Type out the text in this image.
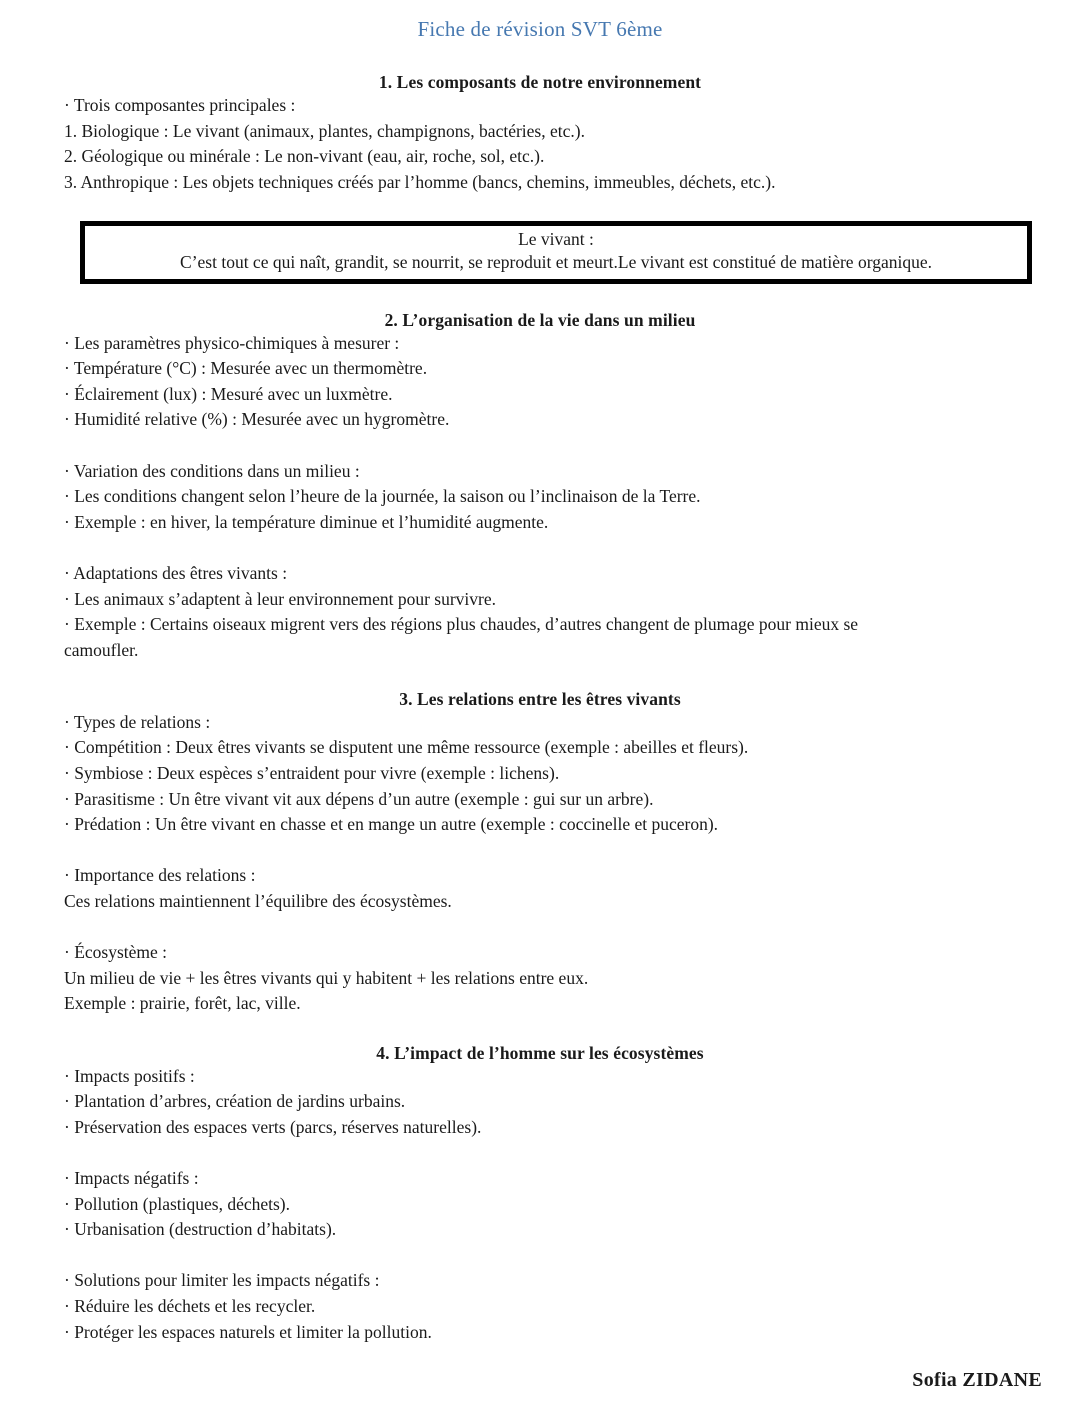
Fiche de révision SVT 6ème
1. Les composants de notre environnement
· Trois composantes principales :
1. Biologique : Le vivant (animaux, plantes, champignons, bactéries, etc.).
2. Géologique ou minérale : Le non-vivant (eau, air, roche, sol, etc.).
3. Anthropique : Les objets techniques créés par l’homme (bancs, chemins, immeubles, déchets, etc.).
Le vivant :
C’est tout ce qui naît, grandit, se nourrit, se reproduit et meurt.Le vivant est constitué de matière organique.
2. L’organisation de la vie dans un milieu
· Les paramètres physico-chimiques à mesurer :
· Température (°C) : Mesurée avec un thermomètre.
· Éclairement (lux) : Mesuré avec un luxmètre.
· Humidité relative (%) : Mesurée avec un hygromètre.
· Variation des conditions dans un milieu :
· Les conditions changent selon l’heure de la journée, la saison ou l’inclinaison de la Terre.
· Exemple : en hiver, la température diminue et l’humidité augmente.
· Adaptations des êtres vivants :
· Les animaux s’adaptent à leur environnement pour survivre.
· Exemple : Certains oiseaux migrent vers des régions plus chaudes, d’autres changent de plumage pour mieux se
camoufler.
3. Les relations entre les êtres vivants
· Types de relations :
· Compétition : Deux êtres vivants se disputent une même ressource (exemple : abeilles et fleurs).
· Symbiose : Deux espèces s’entraident pour vivre (exemple : lichens).
· Parasitisme : Un être vivant vit aux dépens d’un autre (exemple : gui sur un arbre).
· Prédation : Un être vivant en chasse et en mange un autre (exemple : coccinelle et puceron).
· Importance des relations :
Ces relations maintiennent l’équilibre des écosystèmes.
· Écosystème :
Un milieu de vie + les êtres vivants qui y habitent + les relations entre eux.
Exemple : prairie, forêt, lac, ville.
4. L’impact de l’homme sur les écosystèmes
· Impacts positifs :
· Plantation d’arbres, création de jardins urbains.
· Préservation des espaces verts (parcs, réserves naturelles).
· Impacts négatifs :
· Pollution (plastiques, déchets).
· Urbanisation (destruction d’habitats).
· Solutions pour limiter les impacts négatifs :
· Réduire les déchets et les recycler.
· Protéger les espaces naturels et limiter la pollution.
Sofia ZIDANE
